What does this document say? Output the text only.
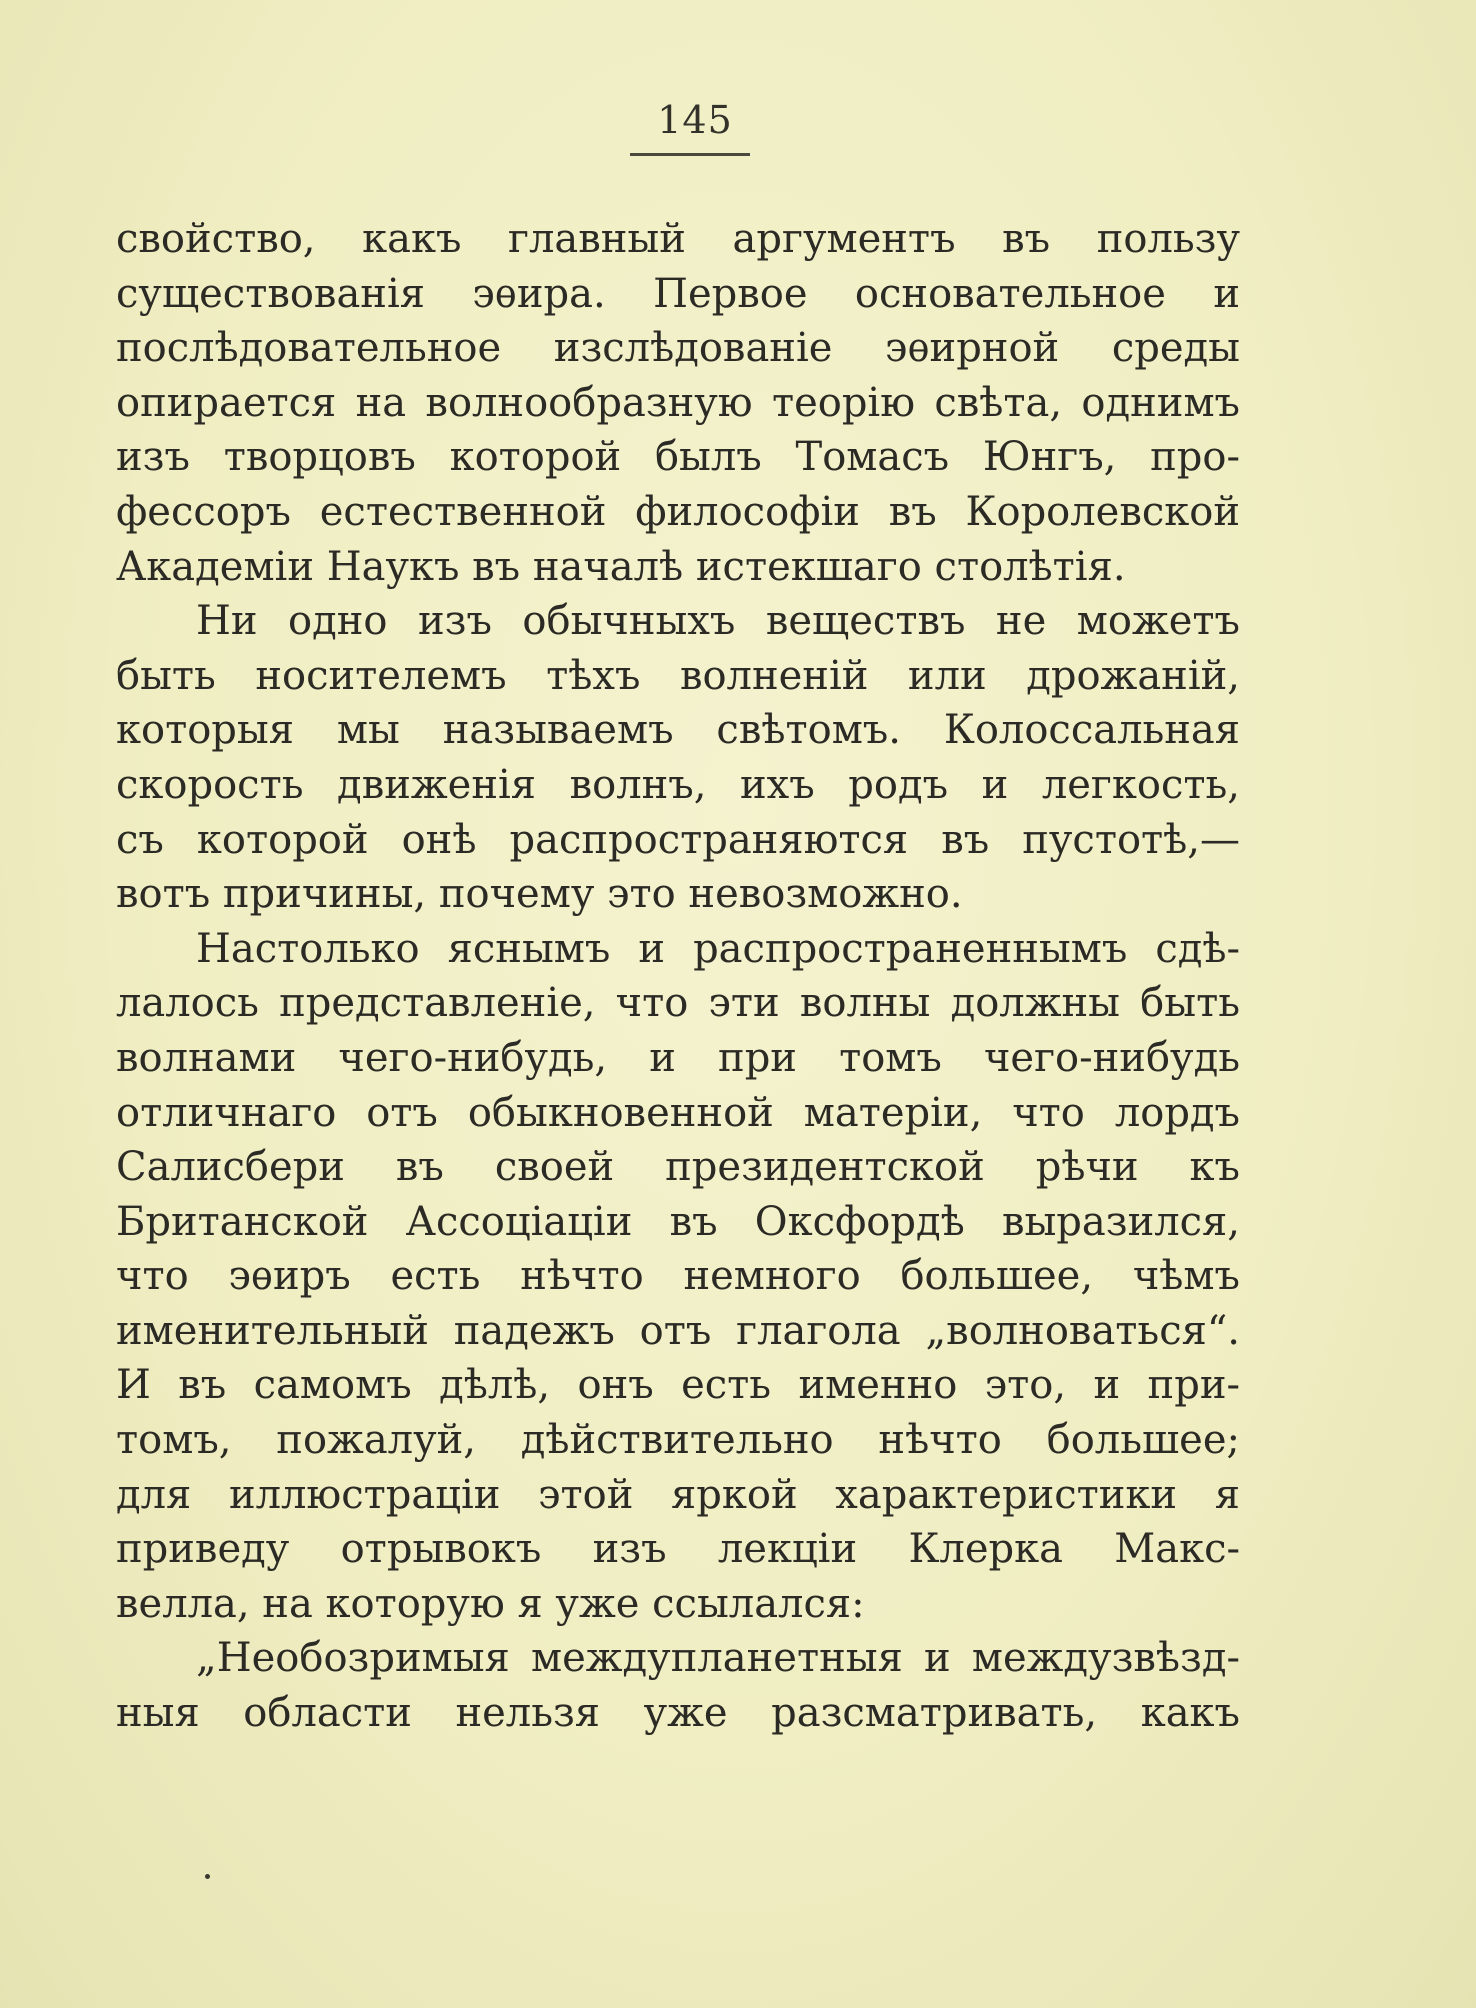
145
свойство, какъ главный аргументъ въ пользу
существованія эѳира. Первое основательное и
послѣдовательное изслѣдованіе эѳирной среды
опирается на волнообразную теорію свѣта, однимъ
изъ творцовъ которой былъ Томасъ Юнгъ, про-
фессоръ естественной философіи въ Королевской
Академіи Наукъ въ началѣ истекшаго столѣтія.
Ни одно изъ обычныхъ веществъ не можетъ
быть носителемъ тѣхъ волненій или дрожаній,
которыя мы называемъ свѣтомъ. Колоссальная
скорость движенія волнъ, ихъ родъ и легкость,
съ которой онѣ распространяются въ пустотѣ,—
вотъ причины, почему это невозможно.
Настолько яснымъ и распространеннымъ сдѣ-
лалось представленіе, что эти волны должны быть
волнами чего-нибудь, и при томъ чего-нибудь
отличнаго отъ обыкновенной матеріи, что лордъ
Салисбери въ своей президентской рѣчи къ
Британской Ассоціаціи въ Оксфордѣ выразился,
что эѳиръ есть нѣчто немного большее, чѣмъ
именительный падежъ отъ глагола „волноваться“.
И въ самомъ дѣлѣ, онъ есть именно это, и при-
томъ, пожалуй, дѣйствительно нѣчто большее;
для иллюстраціи этой яркой характеристики я
приведу отрывокъ изъ лекціи Клерка Макс-
велла, на которую я уже ссылался:
„Необозримыя междупланетныя и междузвѣзд-
ныя области нельзя уже разсматривать, какъ
